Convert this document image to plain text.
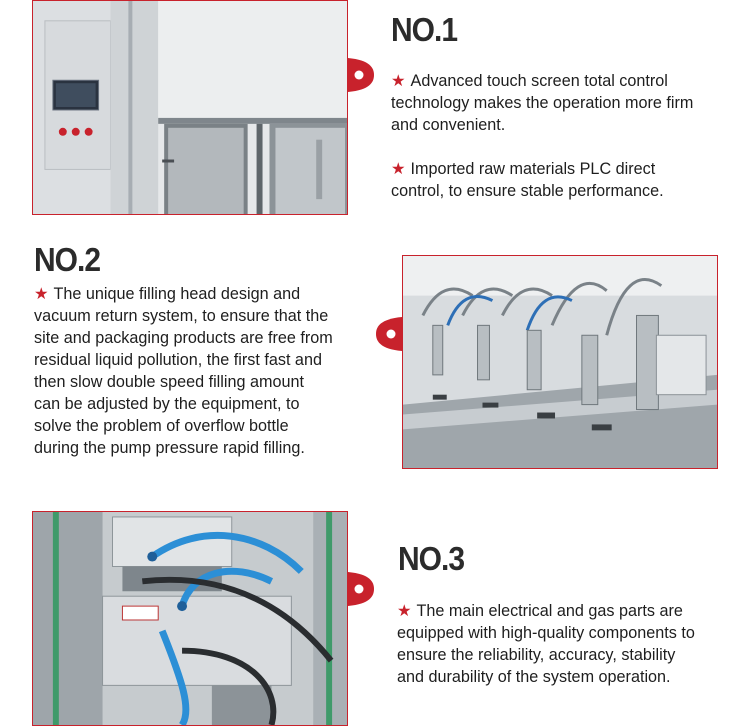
NO.1

★ Advanced touch screen total control technology makes the operation more firm and convenient.

★ Imported raw materials PLC direct control, to ensure stable performance.

NO.2

★ The unique filling head design and vacuum return system, to ensure that the site and packaging products are free from residual liquid pollution, the first fast and then slow double speed filling amount can be adjusted by the equipment, to solve the problem of overflow bottle during the pump pressure rapid filling.

NO.3

★ The main electrical and gas parts are equipped with high-quality components to ensure the reliability, accuracy, stability and durability of the system operation.
